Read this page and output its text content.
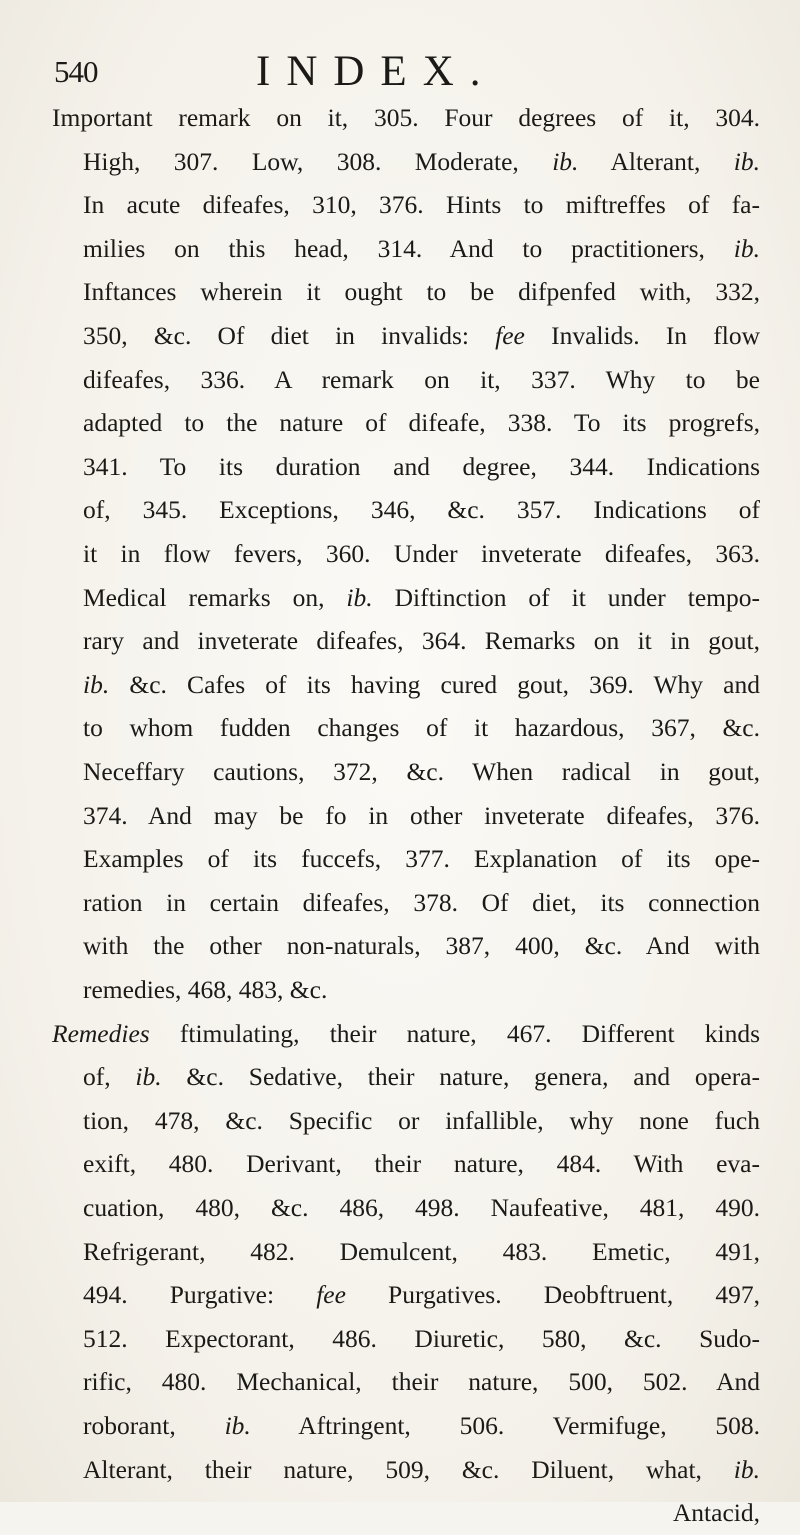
540	INDEX.
Important remark on it, 305. Four degrees of it, 304.
High, 307. Low, 308. Moderate, ib. Alterant, ib.
In acute difeafes, 310, 376. Hints to miftreffes of fa-
milies on this head, 314. And to practitioners, ib.
Inftances wherein it ought to be difpenfed with, 332,
350, &c. Of diet in invalids: fee Invalids. In flow
difeafes, 336. A remark on it, 337. Why to be
adapted to the nature of difeafe, 338. To its progrefs,
341. To its duration and degree, 344. Indications
of, 345. Exceptions, 346, &c. 357. Indications of
it in flow fevers, 360. Under inveterate difeafes, 363.
Medical remarks on, ib. Diftinction of it under tempo-
rary and inveterate difeafes, 364. Remarks on it in gout,
ib. &c. Cafes of its having cured gout, 369. Why and
to whom fudden changes of it hazardous, 367, &c.
Neceffary cautions, 372, &c. When radical in gout,
374. And may be fo in other inveterate difeafes, 376.
Examples of its fuccefs, 377. Explanation of its ope-
ration in certain difeafes, 378. Of diet, its connection
with the other non-naturals, 387, 400, &c. And with
remedies, 468, 483, &c.
Remedies ftimulating, their nature, 467. Different kinds
of, ib. &c. Sedative, their nature, genera, and opera-
tion, 478, &c. Specific or infallible, why none fuch
exift, 480. Derivant, their nature, 484. With eva-
cuation, 480, &c. 486, 498. Naufeative, 481, 490.
Refrigerant, 482. Demulcent, 483. Emetic, 491,
494. Purgative: fee Purgatives. Deobftruent, 497,
512. Expectorant, 486. Diuretic, 580, &c. Sudo-
rific, 480. Mechanical, their nature, 500, 502. And
roborant, ib. Aftringent, 506. Vermifuge, 508.
Alterant, their nature, 509, &c. Diluent, what, ib.
Antacid,
